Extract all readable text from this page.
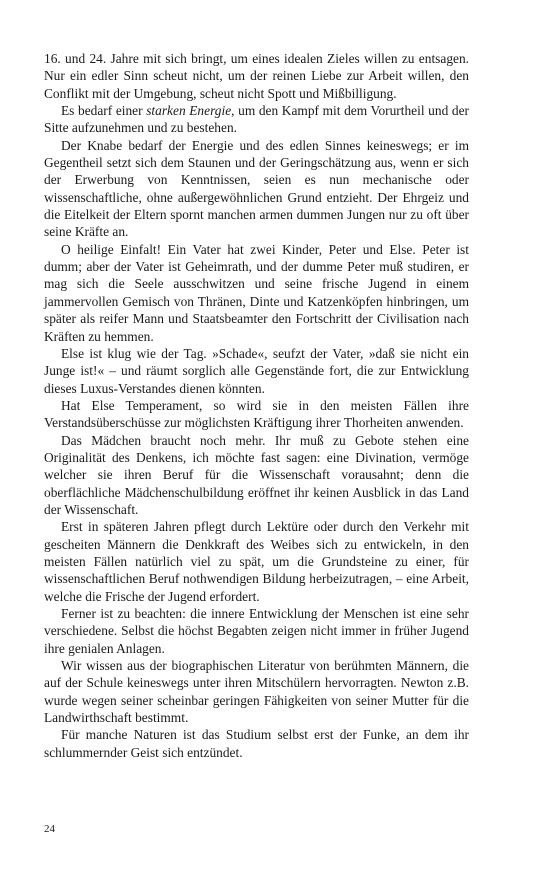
16. und 24. Jahre mit sich bringt, um eines idealen Zieles willen zu entsagen. Nur ein edler Sinn scheut nicht, um der reinen Liebe zur Arbeit willen, den Conflikt mit der Umgebung, scheut nicht Spott und Mißbilligung.

Es bedarf einer starken Energie, um den Kampf mit dem Vorurtheil und der Sitte aufzunehmen und zu bestehen.

Der Knabe bedarf der Energie und des edlen Sinnes keineswegs; er im Gegentheil setzt sich dem Staunen und der Geringschätzung aus, wenn er sich der Erwerbung von Kenntnissen, seien es nun mechanische oder wissenschaftliche, ohne außergewöhnlichen Grund entzieht. Der Ehrgeiz und die Eitelkeit der Eltern spornt manchen armen dummen Jungen nur zu oft über seine Kräfte an.

O heilige Einfalt! Ein Vater hat zwei Kinder, Peter und Else. Peter ist dumm; aber der Vater ist Geheimrath, und der dumme Peter muß studiren, er mag sich die Seele ausschwitzen und seine frische Jugend in einem jammervollen Gemisch von Thränen, Dinte und Katzenköpfen hinbringen, um später als reifer Mann und Staatsbeamter den Fortschritt der Civilisation nach Kräften zu hemmen.

Else ist klug wie der Tag. »Schade«, seufzt der Vater, »daß sie nicht ein Junge ist!« – und räumt sorglich alle Gegenstände fort, die zur Entwicklung dieses Luxus-Verstandes dienen könnten.

Hat Else Temperament, so wird sie in den meisten Fällen ihre Verstandsüberschüsse zur möglichsten Kräftigung ihrer Thorheiten anwenden.

Das Mädchen braucht noch mehr. Ihr muß zu Gebote stehen eine Originalität des Denkens, ich möchte fast sagen: eine Divination, vermöge welcher sie ihren Beruf für die Wissenschaft vorausahnt; denn die oberflächliche Mädchenschulbildung eröffnet ihr keinen Ausblick in das Land der Wissenschaft.

Erst in späteren Jahren pflegt durch Lektüre oder durch den Verkehr mit gescheiten Männern die Denkkraft des Weibes sich zu entwickeln, in den meisten Fällen natürlich viel zu spät, um die Grundsteine zu einer, für wissenschaftlichen Beruf nothwendigen Bildung herbeizutragen, – eine Arbeit, welche die Frische der Jugend erfordert.

Ferner ist zu beachten: die innere Entwicklung der Menschen ist eine sehr verschiedene. Selbst die höchst Begabten zeigen nicht immer in früher Jugend ihre genialen Anlagen.

Wir wissen aus der biographischen Literatur von berühmten Männern, die auf der Schule keineswegs unter ihren Mitschülern hervorragten. Newton z.B. wurde wegen seiner scheinbar geringen Fähigkeiten von seiner Mutter für die Landwirthschaft bestimmt.

Für manche Naturen ist das Studium selbst erst der Funke, an dem ihr schlummernder Geist sich entzündet.

24
